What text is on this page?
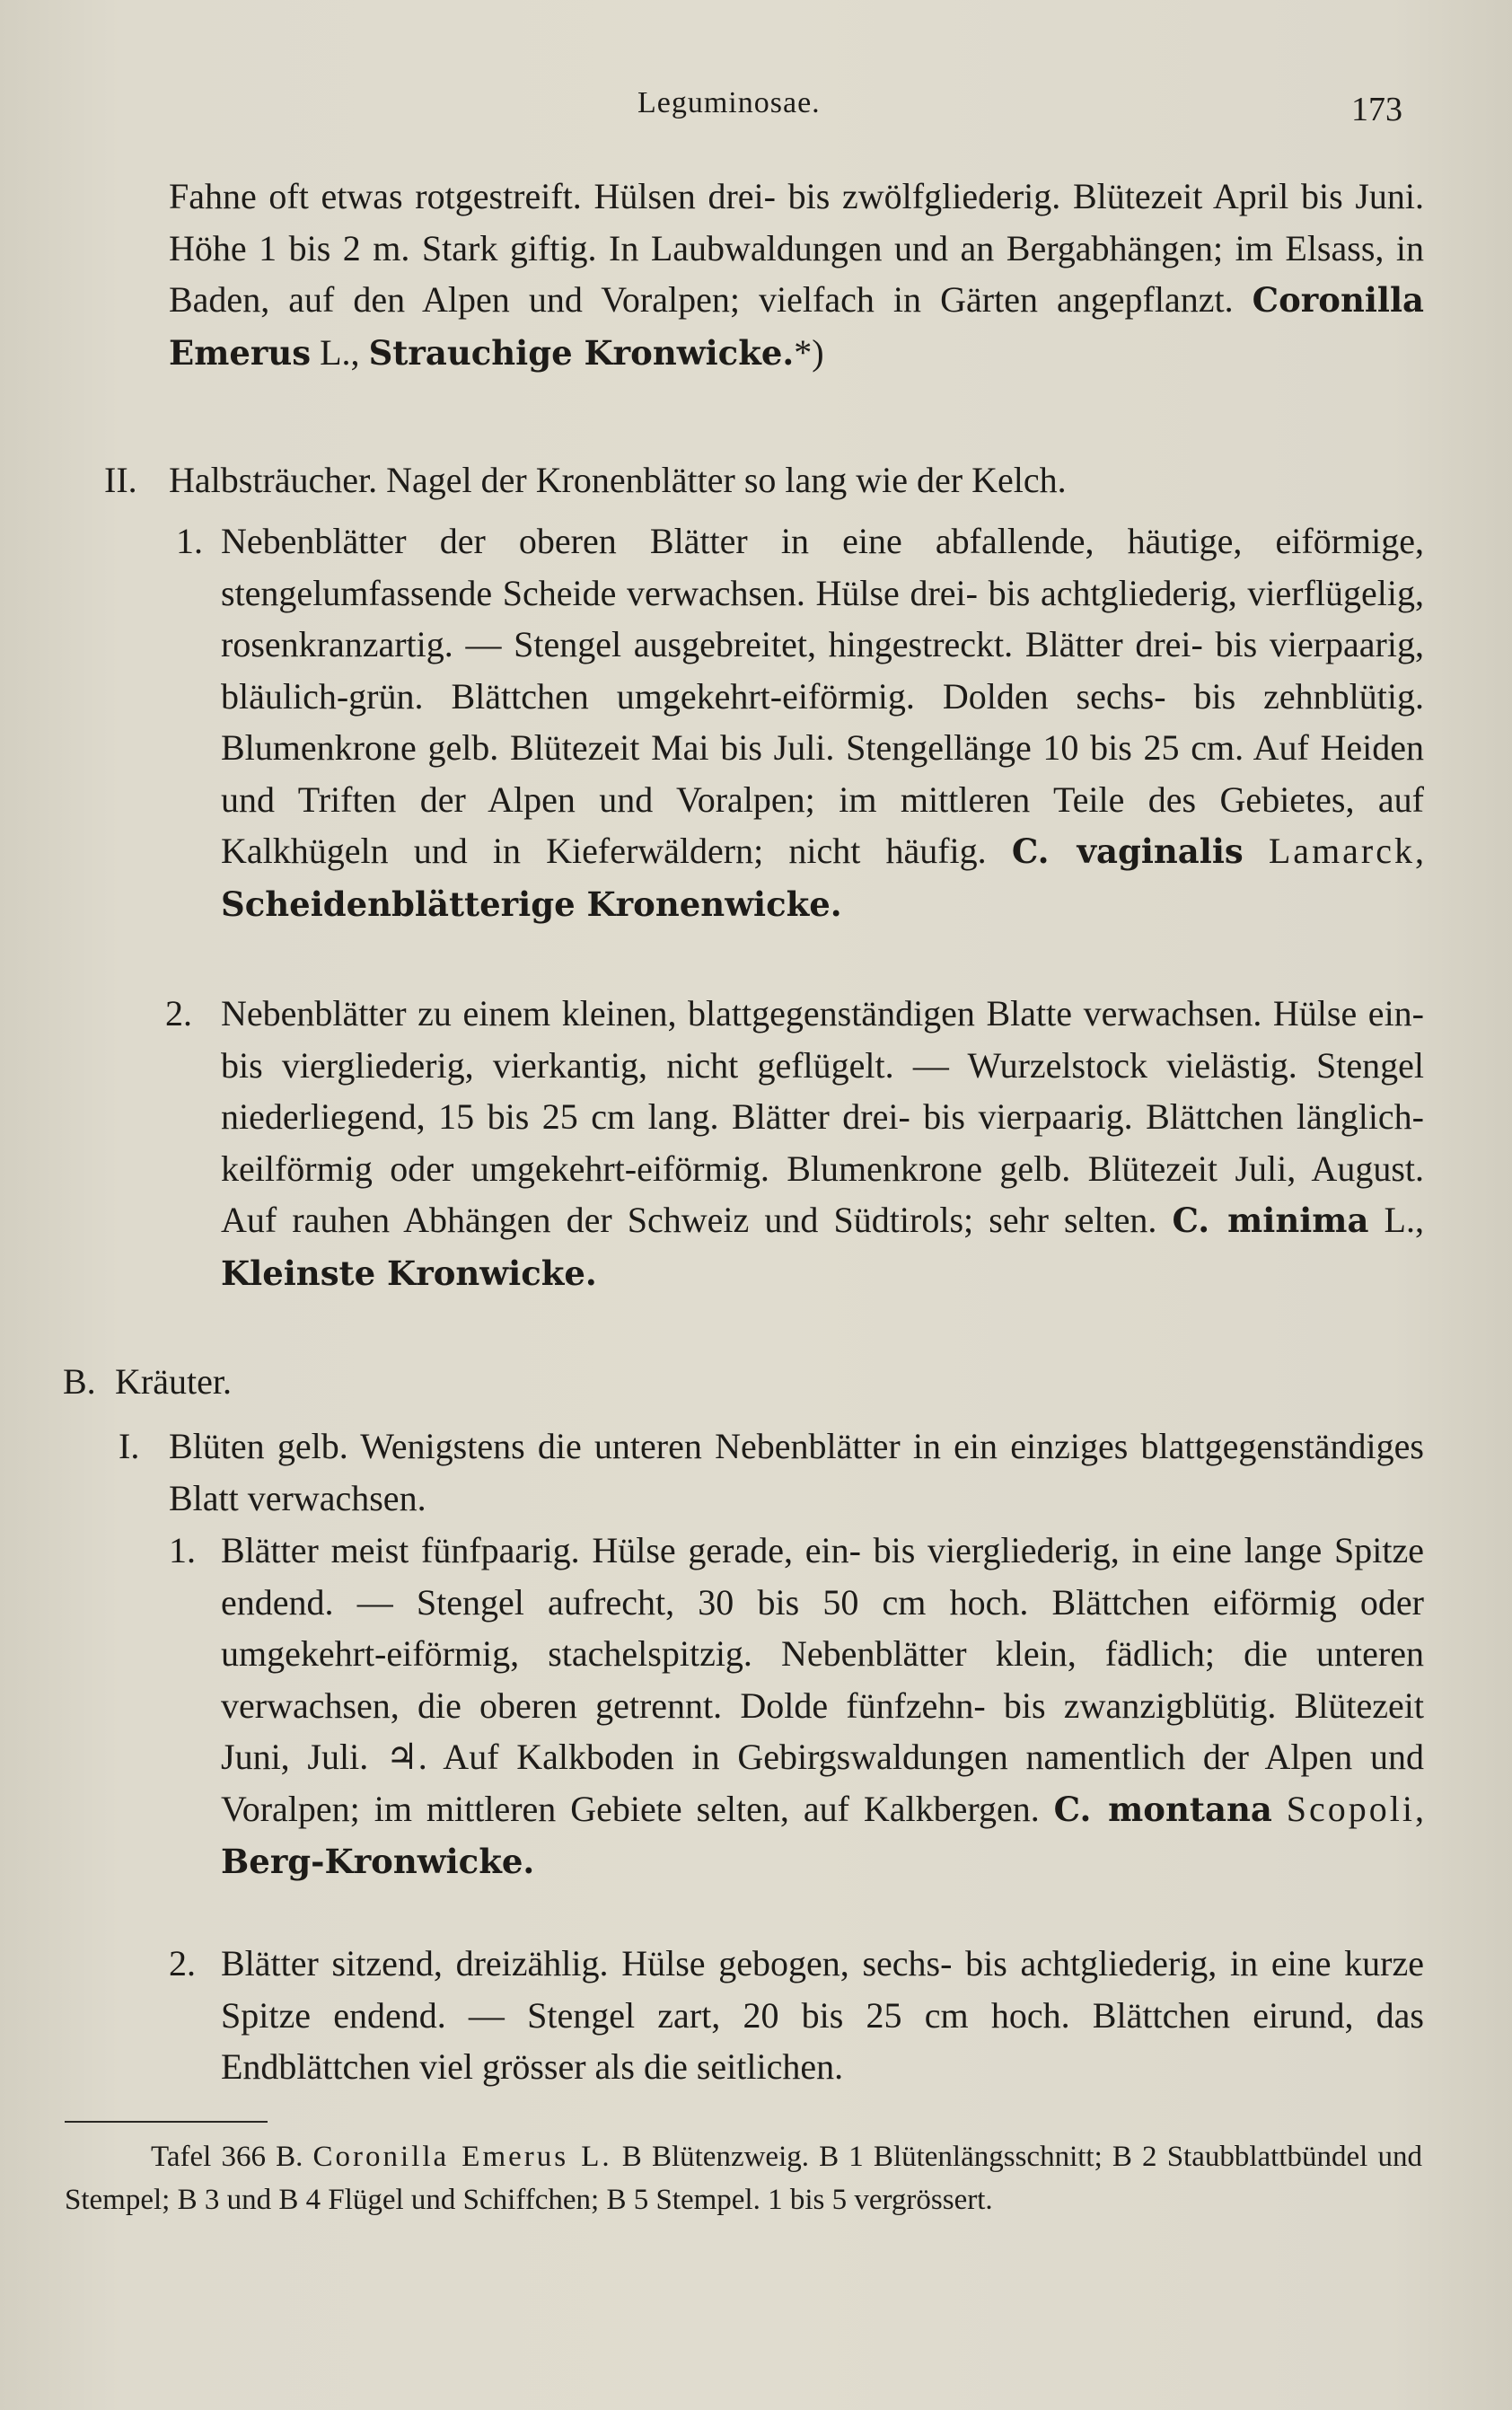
Leguminosae.	173
Fahne oft etwas rotgestreift. Hülsen drei- bis zwölfgliederig. Blütezeit April bis Juni. Höhe 1 bis 2 m. Stark giftig. In Laubwaldungen und an Bergabhängen; im Elsass, in Baden, auf den Alpen und Voralpen; vielfach in Gärten angepflanzt. Coronilla Emerus L., Strauchige Kronwicke.*)
II. Halbsträucher. Nagel der Kronenblätter so lang wie der Kelch.
1. Nebenblätter der oberen Blätter in eine abfallende, häutige, eiförmige, stengelumfassende Scheide verwachsen. Hülse drei- bis achtgliederig, vierflügelig, rosenkranzartig. — Stengel ausgebreitet, hingestreckt. Blätter drei- bis vierpaarig, bläulich-grün. Blättchen umgekehrt-eiförmig. Dolden sechs- bis zehnblütig. Blumenkrone gelb. Blütezeit Mai bis Juli. Stengellänge 10 bis 25 cm. Auf Heiden und Triften der Alpen und Voralpen; im mittleren Teile des Gebietes, auf Kalkhügeln und in Kieferwäldern; nicht häufig. C. vaginalis Lamarck, Scheidenblätterige Kronenwicke.
2. Nebenblätter zu einem kleinen, blattgegenständigen Blatte verwachsen. Hülse ein- bis viergliederig, vierkantig, nicht geflügelt. — Wurzelstock vielästig. Stengel niederliegend, 15 bis 25 cm lang. Blätter drei- bis vierpaarig. Blättchen länglich-keilförmig oder umgekehrt-eiförmig. Blumenkrone gelb. Blütezeit Juli, August. Auf rauhen Abhängen der Schweiz und Südtirols; sehr selten. C. minima L., Kleinste Kronwicke.
B. Kräuter.
I. Blüten gelb. Wenigstens die unteren Nebenblätter in ein einziges blattgegenständiges Blatt verwachsen.
1. Blätter meist fünfpaarig. Hülse gerade, ein- bis viergliederig, in eine lange Spitze endend. — Stengel aufrecht, 30 bis 50 cm hoch. Blättchen eiförmig oder umgekehrt-eiförmig, stachelspitzig. Nebenblätter klein, fädlich; die unteren verwachsen, die oberen getrennt. Dolde fünfzehn- bis zwanzigblütig. Blütezeit Juni, Juli. ♃. Auf Kalkboden in Gebirgswaldungen namentlich der Alpen und Voralpen; im mittleren Gebiete selten, auf Kalkbergen. C. montana Scopoli, Berg-Kronwicke.
2. Blätter sitzend, dreizählig. Hülse gebogen, sechs- bis achtgliederig, in eine kurze Spitze endend. — Stengel zart, 20 bis 25 cm hoch. Blättchen eirund, das Endblättchen viel grösser als die seitlichen.
Tafel 366 B. Coronilla Emerus L. B Blütenzweig. B 1 Blütenlängsschnitt; B 2 Staubblattbündel und Stempel; B 3 und B 4 Flügel und Schiffchen; B 5 Stempel. 1 bis 5 vergrössert.
